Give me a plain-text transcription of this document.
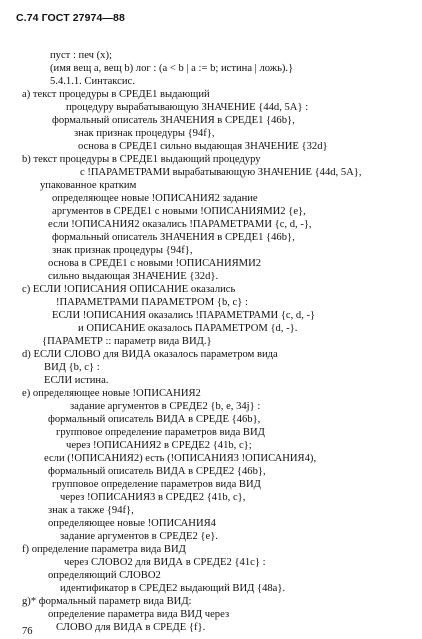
С.74 ГОСТ 27974—88
пуст : печ (x);
(имя вещ а, вещ b) лог : (a < b | a := b; истина | ложь).}
5.4.1.1. Синтаксис.
a) текст процедуры в СРЕДЕ1 выдающий
процедуру вырабатывающую ЗНАЧЕНИЕ {44d, 5A} :
формальный описатель ЗНАЧЕНИЯ в СРЕДЕ1 {46b},
знак признак процедуры {94f},
основа в СРЕДЕ1 сильно выдающая ЗНАЧЕНИЕ {32d}
b) текст процедуры в СРЕДЕ1 выдающий процедуру
с !ПАРАМЕТРАМИ вырабатывающую ЗНАЧЕНИЕ {44d, 5A},
упакованное кратким
определяющее новые !ОПИСАНИЯ2 задание
аргументов в СРЕДЕ1 с новыми !ОПИСАНИЯМИ2 {e},
если !ОПИСАНИЯ2 оказались !ПАРАМЕТРАМИ {c, d, -},
формальный описатель ЗНАЧЕНИЯ в СРЕДЕ1 {46b},
знак признак процедуры {94f},
основа в СРЕДЕ1 с новыми !ОПИСАНИЯМИ2
сильно выдающая ЗНАЧЕНИЕ {32d}.
c) ЕСЛИ !ОПИСАНИЯ ОПИСАНИЕ оказались
!ПАРАМЕТРАМИ ПАРАМЕТРОМ {b, c} :
ЕСЛИ !ОПИСАНИЯ оказались !ПАРАМЕТРАМИ {c, d, -}
и ОПИСАНИЕ оказалось ПАРАМЕТРОМ {d, -}.
{ПАРАМЕТР :: параметр вида ВИД.}
d) ЕСЛИ СЛОВО для ВИДА оказалось параметром вида
ВИД {b, c} :
ЕСЛИ истина.
e) определяющее новые !ОПИСАНИЯ2
задание аргументов в СРЕДЕ2 {b, e, 34j} :
формальный описатель ВИДА в СРЕДЕ {46b},
групповое определение параметров вида ВИД
через !ОПИСАНИЯ2 в СРЕДЕ2 {41b, c};
если (!ОПИСАНИЯ2) есть (!ОПИСАНИЯ3 !ОПИСАНИЯ4),
формальный описатель ВИДА в СРЕДЕ2 {46b},
групповое определение параметров вида ВИД
через !ОПИСАНИЯ3 в СРЕДЕ2 {41b, c},
знак а также {94f},
определяющее новые !ОПИСАНИЯ4
задание аргументов в СРЕДЕ2 {e}.
f) определение параметра вида ВИД
через СЛОВО2 для ВИДА в СРЕДЕ2 {41c} :
определяющий СЛОВО2
идентификатор в СРЕДЕ2 выдающий ВИД {48a}.
g)* формальный параметр вида ВИД:
определение параметра вида ВИД через
СЛОВО для ВИДА в СРЕДЕ {f}.
76
